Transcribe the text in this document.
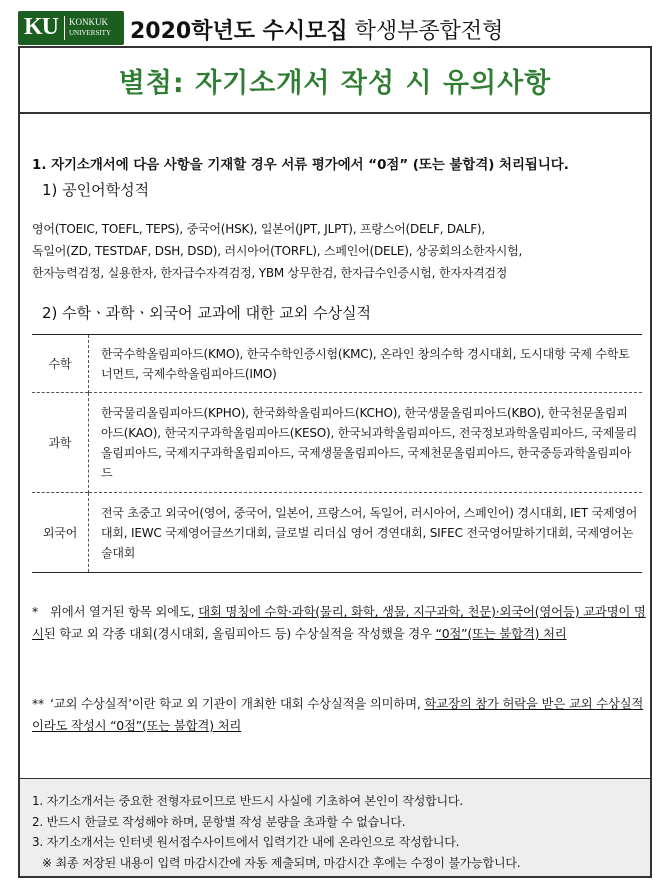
KU KONKUK
UNIVERSITY 2020학년도 수시모집 학생부종합전형
별첨: 자기소개서 작성 시 유의사항
1. 자기소개서에 다음 사항을 기재할 경우 서류 평가에서 “0점” (또는 불합격) 처리됩니다.
1) 공인어학성적
영어(TOEIC, TOEFL, TEPS), 중국어(HSK), 일본어(JPT, JLPT), 프랑스어(DELF, DALF),
독일어(ZD, TESTDAF, DSH, DSD), 러시아어(TORFL), 스페인어(DELE), 상공회의소한자시험,
한자능력검정, 실용한자, 한자급수자격검정, YBM 상무한검, 한자급수인증시험, 한자자격검정
2) 수학ㆍ과학ㆍ외국어 교과에 대한 교외 수상실적
수학	한국수학올림피아드(KMO), 한국수학인증시험(KMC), 온라인 창의수학 경시대회, 도시대항 국제 수학토너먼트, 국제수학올림피아드(IMO)
과학	한국물리올림피아드(KPHO), 한국화학올림피아드(KCHO), 한국생물올림피아드(KBO), 한국천문올림피아드(KAO), 한국지구과학올림피아드(KESO), 한국뇌과학올림피아드, 전국정보과학올림피아드, 국제물리올림피아드, 국제지구과학올림피아드, 국제생물올림피아드, 국제천문올림피아드, 한국중등과학올림피아드
외국어	전국 초중고 외국어(영어, 중국어, 일본어, 프랑스어, 독일어, 러시아어, 스페인어) 경시대회, IET 국제영어대회, IEWC 국제영어글쓰기대회, 글로벌 리더십 영어 경연대회, SIFEC 전국영어말하기대회, 국제영어논술대회

* 위에서 열거된 항목 외에도, 대회 명칭에 수학·과학(물리, 화학, 생물, 지구과학, 천문)·외국어(영어등) 교과명이 명시된 학교 외 각종 대회(경시대회, 올림피아드 등) 수상실적을 작성했을 경우 “0점”(또는 불합격) 처리

** ‘교외 수상실적’이란 학교 외 기관이 개최한 대회 수상실적을 의미하며, 학교장의 참가 허락을 받은 교외 수상실적이라도 작성시 “0점”(또는 불합격) 처리

1. 자기소개서는 중요한 전형자료이므로 반드시 사실에 기초하여 본인이 작성합니다.
2. 반드시 한글로 작성해야 하며, 문항별 작성 분량을 초과할 수 없습니다.
3. 자기소개서는 인터넷 원서접수사이트에서 입력기간 내에 온라인으로 작성합니다.
※ 최종 저장된 내용이 입력 마감시간에 자동 제출되며, 마감시간 후에는 수정이 불가능합니다.
